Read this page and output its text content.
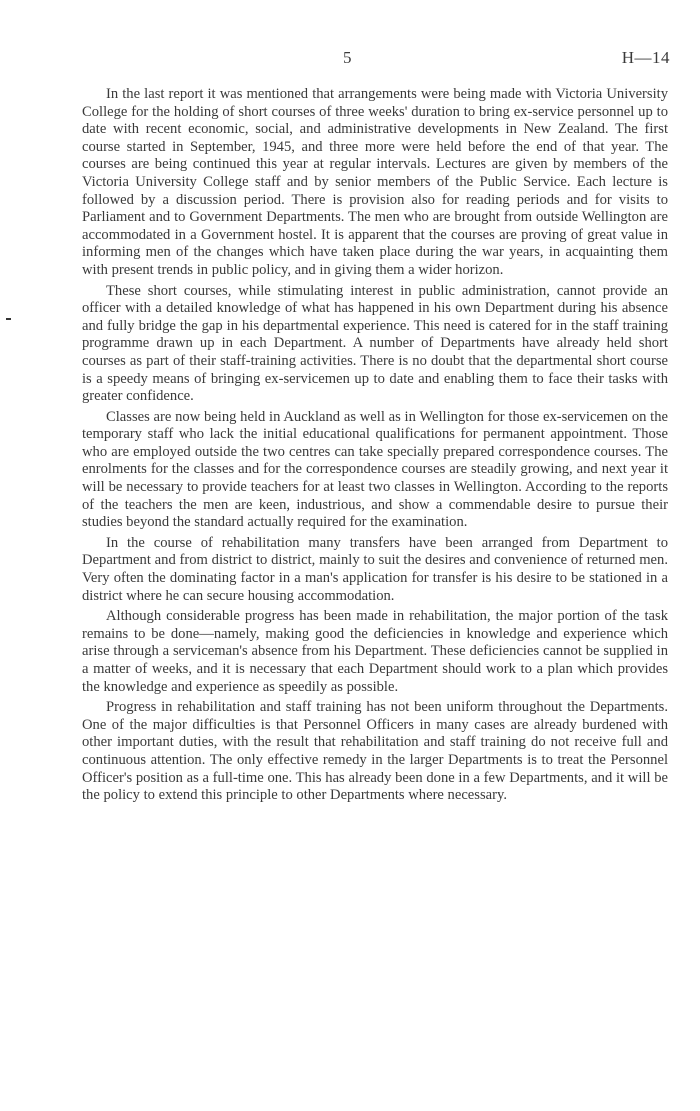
5	H—14

In the last report it was mentioned that arrangements were being made with Victoria University College for the holding of short courses of three weeks' duration to bring ex-service personnel up to date with recent economic, social, and administrative developments in New Zealand. The first course started in September, 1945, and three more were held before the end of that year. The courses are being continued this year at regular intervals. Lectures are given by members of the Victoria University College staff and by senior members of the Public Service. Each lecture is followed by a discussion period. There is provision also for reading periods and for visits to Parliament and to Government Departments. The men who are brought from outside Wellington are accommodated in a Government hostel. It is apparent that the courses are proving of great value in informing men of the changes which have taken place during the war years, in acquainting them with present trends in public policy, and in giving them a wider horizon.

These short courses, while stimulating interest in public administration, cannot provide an officer with a detailed knowledge of what has happened in his own Department during his absence and fully bridge the gap in his departmental experience. This need is catered for in the staff training programme drawn up in each Department. A number of Departments have already held short courses as part of their staff-training activities. There is no doubt that the departmental short course is a speedy means of bringing ex-servicemen up to date and enabling them to face their tasks with greater confidence.

Classes are now being held in Auckland as well as in Wellington for those ex-servicemen on the temporary staff who lack the initial educational qualifications for permanent appointment. Those who are employed outside the two centres can take specially prepared correspondence courses. The enrolments for the classes and for the correspondence courses are steadily growing, and next year it will be necessary to provide teachers for at least two classes in Wellington. According to the reports of the teachers the men are keen, industrious, and show a commendable desire to pursue their studies beyond the standard actually required for the examination.

In the course of rehabilitation many transfers have been arranged from Department to Department and from district to district, mainly to suit the desires and convenience of returned men. Very often the dominating factor in a man's application for transfer is his desire to be stationed in a district where he can secure housing accommodation.

Although considerable progress has been made in rehabilitation, the major portion of the task remains to be done—namely, making good the deficiencies in knowledge and experience which arise through a serviceman's absence from his Department. These deficiencies cannot be supplied in a matter of weeks, and it is necessary that each Department should work to a plan which provides the knowledge and experience as speedily as possible.

Progress in rehabilitation and staff training has not been uniform throughout the Departments. One of the major difficulties is that Personnel Officers in many cases are already burdened with other important duties, with the result that rehabilitation and staff training do not receive full and continuous attention. The only effective remedy in the larger Departments is to treat the Personnel Officer's position as a full-time one. This has already been done in a few Departments, and it will be the policy to extend this principle to other Departments where necessary.
